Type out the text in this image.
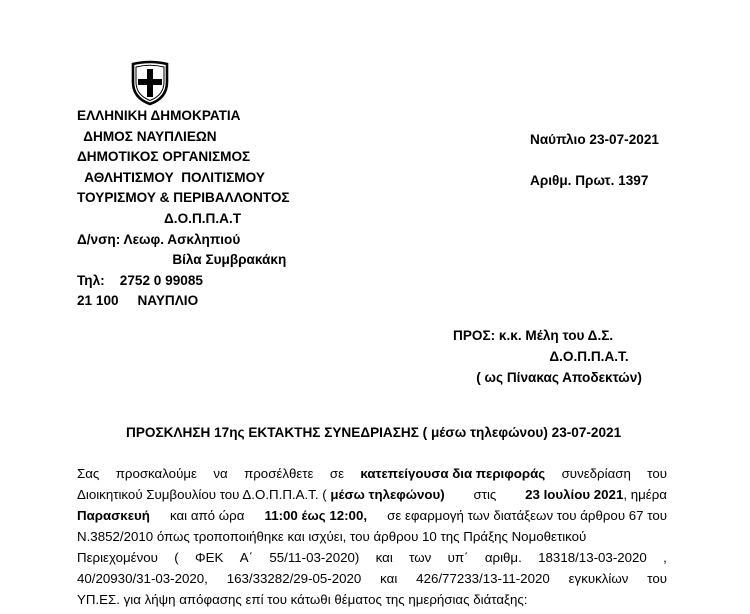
ΕΛΛΗΝΙΚΗ ΔΗΜΟΚΡΑΤΙΑ
ΔΗΜΟΣ ΝΑΥΠΛΙΕΩΝ
ΔΗΜΟΤΙΚΟΣ ΟΡΓΑΝΙΣΜΟΣ
ΑΘΛΗΤΙΣΜΟΥ  ΠΟΛΙΤΙΣΜΟΥ
ΤΟΥΡΙΣΜΟΥ & ΠΕΡΙΒΑΛΛΟΝΤΟΣ
Δ.Ο.Π.Π.Α.Τ
Δ/νση: Λεωφ. Ασκληπιού
Βίλα Συμβρακάκη
Τηλ:    2752 0 99085
21 100     ΝΑΥΠΛΙΟ
Ναύπλιο 23-07-2021
Αριθμ. Πρωτ. 1397
ΠΡΟΣ: κ.κ. Μέλη του Δ.Σ.
Δ.Ο.Π.Π.Α.Τ.
( ως Πίνακας Αποδεκτών)
ΠΡΟΣΚΛΗΣΗ 17ης ΕΚΤΑΚΤΗΣ ΣΥΝΕΔΡΙΑΣΗΣ ( μέσω τηλεφώνου) 23-07-2021
Σας προσκαλούμε να προσέλθετε σε κατεπείγουσα δια περιφοράς συνεδρίαση του
Διοικητικού Συμβουλίου του Δ.Ο.Π.Π.Α.Τ. ( μέσω τηλεφώνου) στις 23 Ιουλίου 2021, ημέρα
Παρασκευή και από ώρα 11:00 έως 12:00, σε εφαρμογή των διατάξεων του άρθρου 67 του
Ν.3852/2010 όπως τροποποιήθηκε και ισχύει, του άρθρου 10 της Πράξης Νομοθετικού
Περιεχομένου ( ΦΕΚ Α΄ 55/11-03-2020) και των υπ΄ αριθμ. 18318/13-03-2020 ,
40/20930/31-03-2020, 163/33282/29-05-2020 και 426/77233/13-11-2020 εγκυκλίων του
ΥΠ.ΕΣ. για λήψη απόφασης επί του κάτωθι θέματος της ημερήσιας διάταξης:
